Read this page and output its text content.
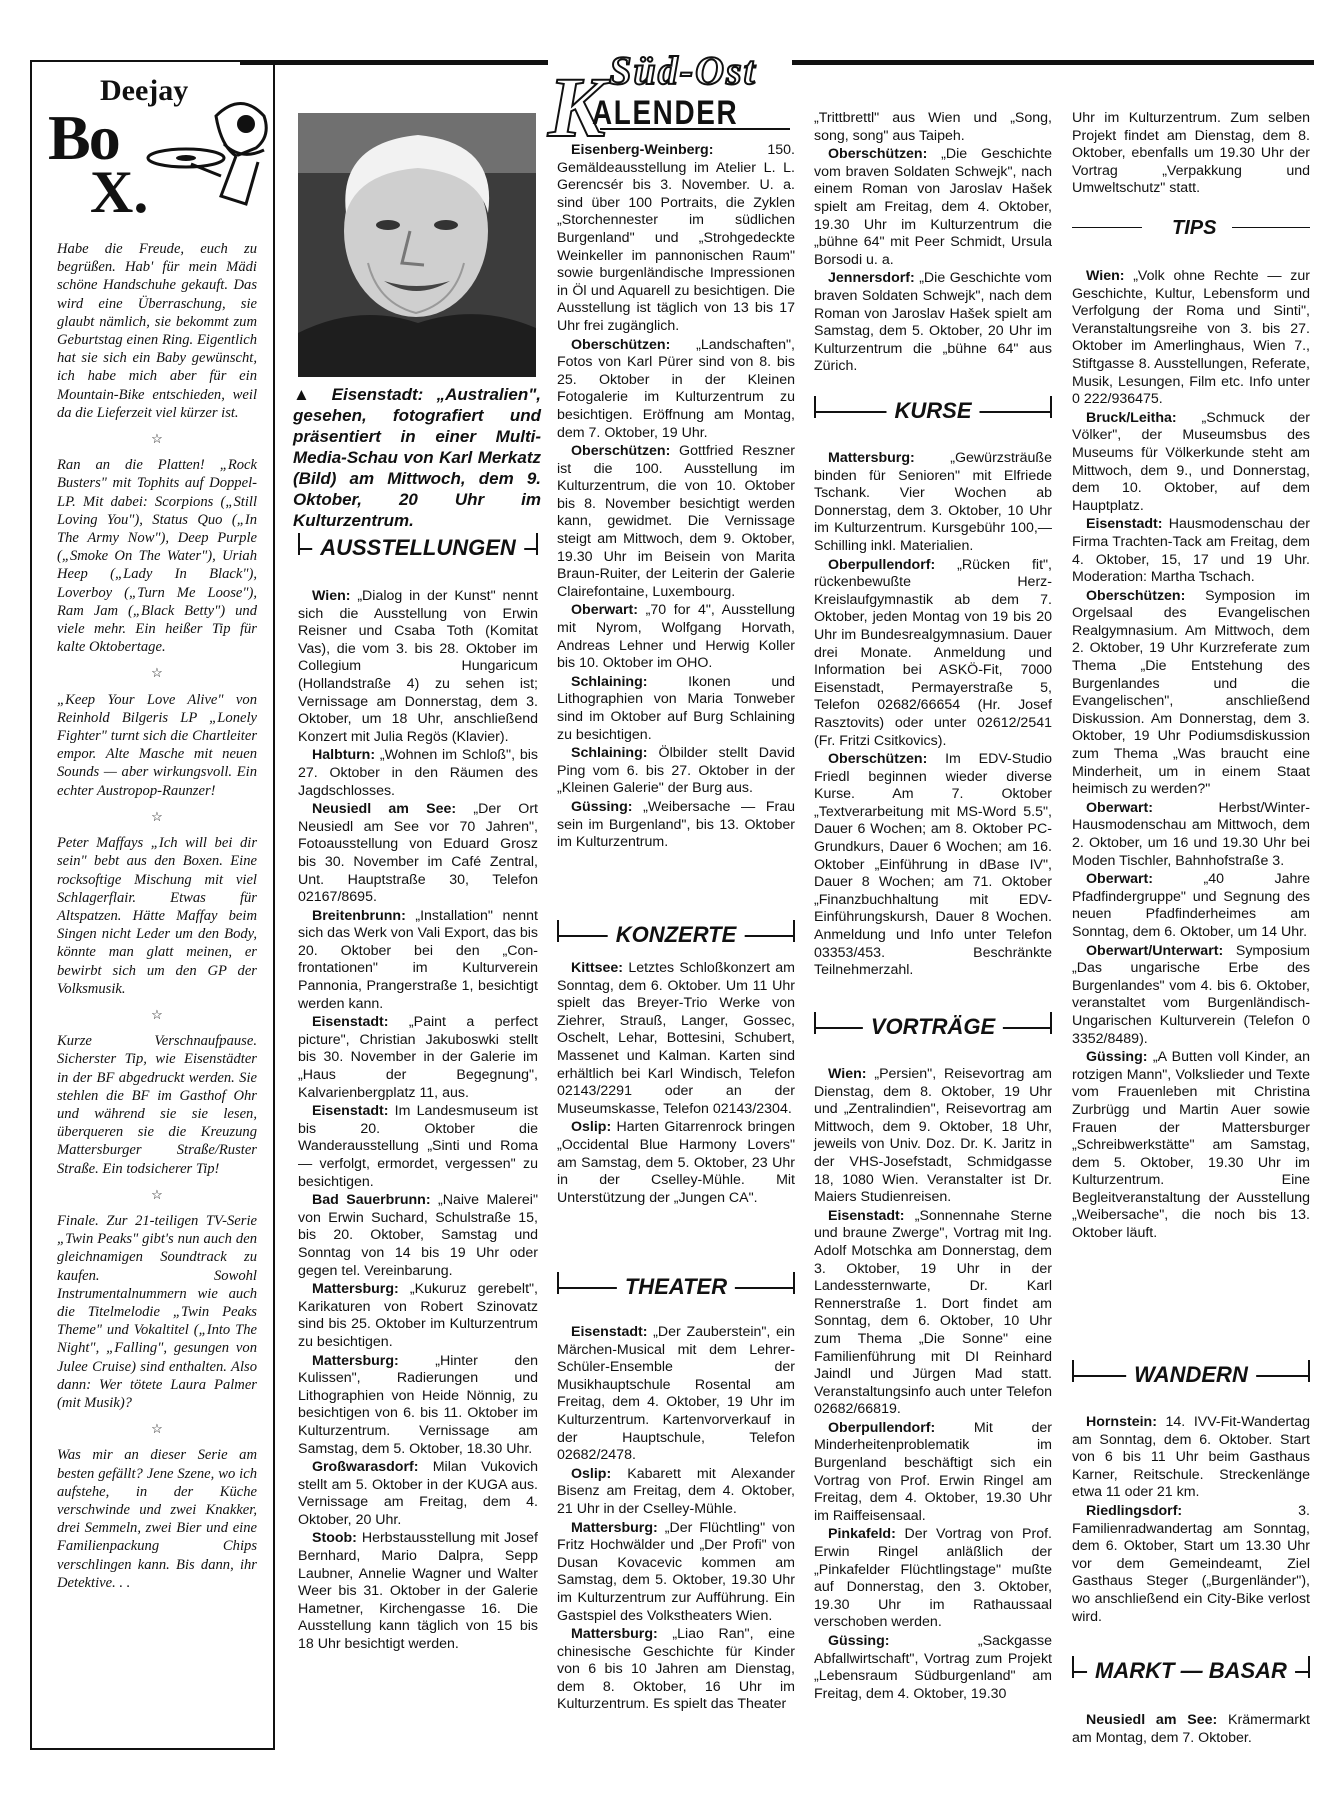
Süd-Ost
K
ALENDER
Deejay
Bo
X.

Habe die Freude, euch zu begrüßen. Hab' für mein Mädi schöne Handschuhe gekauft. Das wird eine Überraschung, sie glaubt nämlich, sie bekommt zum Geburtstag einen Ring. Eigentlich hat sie sich ein Baby gewünscht, ich habe mich aber für ein Mountain-Bike entschieden, weil da die Lieferzeit viel kürzer ist.

☆

Ran an die Platten! „Rock Busters" mit Tophits auf Doppel-LP. Mit dabei: Scorpions („Still Loving You"), Status Quo („In The Army Now"), Deep Purple („Smoke On The Water"), Uriah Heep („Lady In Black"), Loverboy („Turn Me Loose"), Ram Jam („Black Betty") und viele mehr. Ein heißer Tip für kalte Oktobertage.

☆

„Keep Your Love Alive" von Reinhold Bilgeris LP „Lonely Fighter" turnt sich die Chartleiter empor. Alte Masche mit neuen Sounds — aber wirkungsvoll. Ein echter Austropop-Raunzer!

☆

Peter Maffays „Ich will bei dir sein" bebt aus den Boxen. Eine rocksoftige Mischung mit viel Schlagerflair. Etwas für Altspatzen. Hätte Maffay beim Singen nicht Leder um den Body, könnte man glatt meinen, er bewirbt sich um den GP der Volksmusik.

☆

Kurze Verschnaufpause. Sicherster Tip, wie Eisenstädter in der BF abgedruckt werden. Sie stehlen die BF im Gasthof Ohr und während sie sie lesen, überqueren sie die Kreuzung Mattersburger Straße/Ruster Straße. Ein todsicherer Tip!

☆

Finale. Zur 21-teiligen TV-Serie „Twin Peaks" gibt's nun auch den gleichnamigen Soundtrack zu kaufen. Sowohl Instrumentalnummern wie auch die Titelmelodie „Twin Peaks Theme" und Vokaltitel („Into The Night", „Falling", gesungen von Julee Cruise) sind enthalten. Also dann: Wer tötete Laura Palmer (mit Musik)?

☆

Was mir an dieser Serie am besten gefällt? Jene Szene, wo ich aufstehe, in der Küche verschwinde und zwei Knakker, drei Semmeln, zwei Bier und eine Familienpackung Chips verschlingen kann. Bis dann, ihr Detektive. . .

▲ Eisenstadt: „Australien", gesehen, fotografiert und präsentiert in einer Multi-Media-Schau von Karl Merkatz (Bild) am Mittwoch, dem 9. Oktober, 20 Uhr im Kulturzentrum.
AUSSTELLUNGEN

Wien: „Dialog in der Kunst" nennt sich die Ausstellung von Erwin Reisner und Csaba Toth (Komitat Vas), die vom 3. bis 28. Oktober im Collegium Hungaricum (Hollandstraße 4) zu sehen ist; Vernissage am Donnerstag, dem 3. Oktober, um 18 Uhr, anschließend Konzert mit Julia Regös (Klavier).

Halbturn: „Wohnen im Schloß", bis 27. Oktober in den Räumen des Jagdschlosses.

Neusiedl am See: „Der Ort Neusiedl am See vor 70 Jahren", Fotoausstellung von Eduard Grosz bis 30. November im Café Zentral, Unt. Hauptstraße 30, Telefon 02167/8695.

Breitenbrunn: „Installation" nennt sich das Werk von Vali Export, das bis 20. Oktober bei den „Con-frontationen" im Kulturverein Pannonia, Prangerstraße 1, besichtigt werden kann.

Eisenstadt: „Paint a perfect picture", Christian Jakuboswki stellt bis 30. November in der Galerie im „Haus der Begegnung", Kalvarienbergplatz 11, aus.

Eisenstadt: Im Landesmuseum ist bis 20. Oktober die Wanderausstellung „Sinti und Roma — verfolgt, ermordet, vergessen" zu besichtigen.

Bad Sauerbrunn: „Naive Malerei" von Erwin Suchard, Schulstraße 15, bis 20. Oktober, Samstag und Sonntag von 14 bis 19 Uhr oder gegen tel. Vereinbarung.

Mattersburg: „Kukuruz gerebelt", Karikaturen von Robert Szinovatz sind bis 25. Oktober im Kulturzentrum zu besichtigen.

Mattersburg: „Hinter den Kulissen", Radierungen und Lithographien von Heide Nönnig, zu besichtigen von 6. bis 11. Oktober im Kulturzentrum. Vernissage am Samstag, dem 5. Oktober, 18.30 Uhr.

Großwarasdorf: Milan Vukovich stellt am 5. Oktober in der KUGA aus. Vernissage am Freitag, dem 4. Oktober, 20 Uhr.

Stoob: Herbstausstellung mit Josef Bernhard, Mario Dalpra, Sepp Laubner, Annelie Wagner und Walter Weer bis 31. Oktober in der Galerie Hametner, Kirchengasse 16. Die Ausstellung kann täglich von 15 bis 18 Uhr besichtigt werden.

Eisenberg-Weinberg: 150. Gemäldeausstellung im Atelier L. L. Gerencsér bis 3. November. U. a. sind über 100 Portraits, die Zyklen „Storchennester im südlichen Burgenland" und „Strohgedeckte Weinkeller im pannonischen Raum" sowie burgenländische Impressionen in Öl und Aquarell zu besichtigen. Die Ausstellung ist täglich von 13 bis 17 Uhr frei zugänglich.

Oberschützen: „Landschaften", Fotos von Karl Pürer sind von 8. bis 25. Oktober in der Kleinen Fotogalerie im Kulturzentrum zu besichtigen. Eröffnung am Montag, dem 7. Oktober, 19 Uhr.

Oberschützen: Gottfried Reszner ist die 100. Ausstellung im Kulturzentrum, die von 10. Oktober bis 8. November besichtigt werden kann, gewidmet. Die Vernissage steigt am Mittwoch, dem 9. Oktober, 19.30 Uhr im Beisein von Marita Braun-Ruiter, der Leiterin der Galerie Clairefontaine, Luxembourg.

Oberwart: „70 for 4", Ausstellung mit Nyrom, Wolfgang Horvath, Andreas Lehner und Herwig Koller bis 10. Oktober im OHO.

Schlaining: Ikonen und Lithographien von Maria Tonweber sind im Oktober auf Burg Schlaining zu besichtigen.

Schlaining: Ölbilder stellt David Ping vom 6. bis 27. Oktober in der „Kleinen Galerie" der Burg aus.

Güssing: „Weibersache — Frau sein im Burgenland", bis 13. Oktober im Kulturzentrum.

KONZERTE

Kittsee: Letztes Schloßkonzert am Sonntag, dem 6. Oktober. Um 11 Uhr spielt das Breyer-Trio Werke von Ziehrer, Strauß, Langer, Gossec, Oschelt, Lehar, Bottesini, Schubert, Massenet und Kalman. Karten sind erhältlich bei Karl Windisch, Telefon 02143/2291 oder an der Museumskasse, Telefon 02143/2304.

Oslip: Harten Gitarrenrock bringen „Occidental Blue Harmony Lovers" am Samstag, dem 5. Oktober, 23 Uhr in der Cselley-Mühle. Mit Unterstützung der „Jungen CA".

THEATER

Eisenstadt: „Der Zauberstein", ein Märchen-Musical mit dem Lehrer-Schüler-Ensemble der Musikhauptschule Rosental am Freitag, dem 4. Oktober, 19 Uhr im Kulturzentrum. Kartenvorverkauf in der Hauptschule, Telefon 02682/2478.

Oslip: Kabarett mit Alexander Bisenz am Freitag, dem 4. Oktober, 21 Uhr in der Cselley-Mühle.

Mattersburg: „Der Flüchtling" von Fritz Hochwälder und „Der Profi" von Dusan Kovacevic kommen am Samstag, dem 5. Oktober, 19.30 Uhr im Kulturzentrum zur Aufführung. Ein Gastspiel des Volkstheaters Wien.

Mattersburg: „Liao Ran", eine chinesische Geschichte für Kinder von 6 bis 10 Jahren am Dienstag, dem 8. Oktober, 16 Uhr im Kulturzentrum. Es spielt das Theater

„Trittbrettl" aus Wien und „Song, song, song" aus Taipeh.

Oberschützen: „Die Geschichte vom braven Soldaten Schwejk", nach einem Roman von Jaroslav Hašek spielt am Freitag, dem 4. Oktober, 19.30 Uhr im Kulturzentrum die „bühne 64" mit Peer Schmidt, Ursula Borsodi u. a.

Jennersdorf: „Die Geschichte vom braven Soldaten Schwejk", nach dem Roman von Jaroslav Hašek spielt am Samstag, dem 5. Oktober, 20 Uhr im Kulturzentrum die „bühne 64" aus Zürich.

KURSE

Mattersburg: „Gewürzsträuße binden für Senioren" mit Elfriede Tschank. Vier Wochen ab Donnerstag, dem 3. Oktober, 10 Uhr im Kulturzentrum. Kursgebühr 100,— Schilling inkl. Materialien.

Oberpullendorf: „Rücken fit", rückenbewußte Herz-Kreislaufgymnastik ab dem 7. Oktober, jeden Montag von 19 bis 20 Uhr im Bundesrealgymnasium. Dauer drei Monate. Anmeldung und Information bei ASKÖ-Fit, 7000 Eisenstadt, Permayerstraße 5, Telefon 02682/66654 (Hr. Josef Rasztovits) oder unter 02612/2541 (Fr. Fritzi Csitkovics).

Oberschützen: Im EDV-Studio Friedl beginnen wieder diverse Kurse. Am 7. Oktober „Textverarbeitung mit MS-Word 5.5", Dauer 6 Wochen; am 8. Oktober PC-Grundkurs, Dauer 6 Wochen; am 16. Oktober „Einführung in dBase IV", Dauer 8 Wochen; am 71. Oktober „Finanzbuchhaltung mit EDV-Einführungskursh, Dauer 8 Wochen. Anmeldung und Info unter Telefon 03353/453. Beschränkte Teilnehmerzahl.

VORTRÄGE

Wien: „Persien", Reisevortrag am Dienstag, dem 8. Oktober, 19 Uhr und „Zentralindien", Reisevortrag am Mittwoch, dem 9. Oktober, 18 Uhr, jeweils von Univ. Doz. Dr. K. Jaritz in der VHS-Josefstadt, Schmidgasse 18, 1080 Wien. Veranstalter ist Dr. Maiers Studienreisen.

Eisenstadt: „Sonnennahe Sterne und braune Zwerge", Vortrag mit Ing. Adolf Motschka am Donnerstag, dem 3. Oktober, 19 Uhr in der Landessternwarte, Dr. Karl Rennerstraße 1. Dort findet am Sonntag, dem 6. Oktober, 10 Uhr zum Thema „Die Sonne" eine Familienführung mit DI Reinhard Jaindl und Jürgen Mad statt. Veranstaltungsinfo auch unter Telefon 02682/66819.

Oberpullendorf: Mit der Minderheitenproblematik im Burgenland beschäftigt sich ein Vortrag von Prof. Erwin Ringel am Freitag, dem 4. Oktober, 19.30 Uhr im Raiffeisensaal.

Pinkafeld: Der Vortrag von Prof. Erwin Ringel anläßlich der „Pinkafelder Flüchtlingstage" mußte auf Donnerstag, den 3. Oktober, 19.30 Uhr im Rathaussaal verschoben werden.

Güssing: „Sackgasse Abfallwirtschaft", Vortrag zum Projekt „Lebensraum Südburgenland" am Freitag, dem 4. Oktober, 19.30

Uhr im Kulturzentrum. Zum selben Projekt findet am Dienstag, dem 8. Oktober, ebenfalls um 19.30 Uhr der Vortrag „Verpakkung und Umweltschutz" statt.

TIPS

Wien: „Volk ohne Rechte — zur Geschichte, Kultur, Lebensform und Verfolgung der Roma und Sinti", Veranstaltungsreihe von 3. bis 27. Oktober im Amerlinghaus, Wien 7., Stiftgasse 8. Ausstellungen, Referate, Musik, Lesungen, Film etc. Info unter 0 222/936475.

Bruck/Leitha: „Schmuck der Völker", der Museumsbus des Museums für Völkerkunde steht am Mittwoch, dem 9., und Donnerstag, dem 10. Oktober, auf dem Hauptplatz.

Eisenstadt: Hausmodenschau der Firma Trachten-Tack am Freitag, dem 4. Oktober, 15, 17 und 19 Uhr. Moderation: Martha Tschach.

Oberschützen: Symposion im Orgelsaal des Evangelischen Realgymnasium. Am Mittwoch, dem 2. Oktober, 19 Uhr Kurzreferate zum Thema „Die Entstehung des Burgenlandes und die Evangelischen", anschließend Diskussion. Am Donnerstag, dem 3. Oktober, 19 Uhr Podiumsdiskussion zum Thema „Was braucht eine Minderheit, um in einem Staat heimisch zu werden?"

Oberwart: Herbst/Winter-Hausmodenschau am Mittwoch, dem 2. Oktober, um 16 und 19.30 Uhr bei Moden Tischler, Bahnhofstraße 3.

Oberwart: „40 Jahre Pfadfindergruppe" und Segnung des neuen Pfadfinderheimes am Sonntag, dem 6. Oktober, um 14 Uhr.

Oberwart/Unterwart: Symposium „Das ungarische Erbe des Burgenlandes" vom 4. bis 6. Oktober, veranstaltet vom Burgenländisch-Ungarischen Kulturverein (Telefon 0 3352/8489).

Güssing: „A Butten voll Kinder, an rotzigen Mann", Volkslieder und Texte vom Frauenleben mit Christina Zurbrügg und Martin Auer sowie Frauen der Mattersburger „Schreibwerkstätte" am Samstag, dem 5. Oktober, 19.30 Uhr im Kulturzentrum. Eine Begleitveranstaltung der Ausstellung „Weibersache", die noch bis 13. Oktober läuft.

WANDERN

Hornstein: 14. IVV-Fit-Wandertag am Sonntag, dem 6. Oktober. Start von 6 bis 11 Uhr beim Gasthaus Karner, Reitschule. Streckenlänge etwa 11 oder 21 km.

Riedlingsdorf: 3. Familienradwandertag am Sonntag, dem 6. Oktober, Start um 13.30 Uhr vor dem Gemeindeamt, Ziel Gasthaus Steger („Burgenländer"), wo anschließend ein City-Bike verlost wird.

MARKT — BASAR

Neusiedl am See: Krämermarkt am Montag, dem 7. Oktober.
